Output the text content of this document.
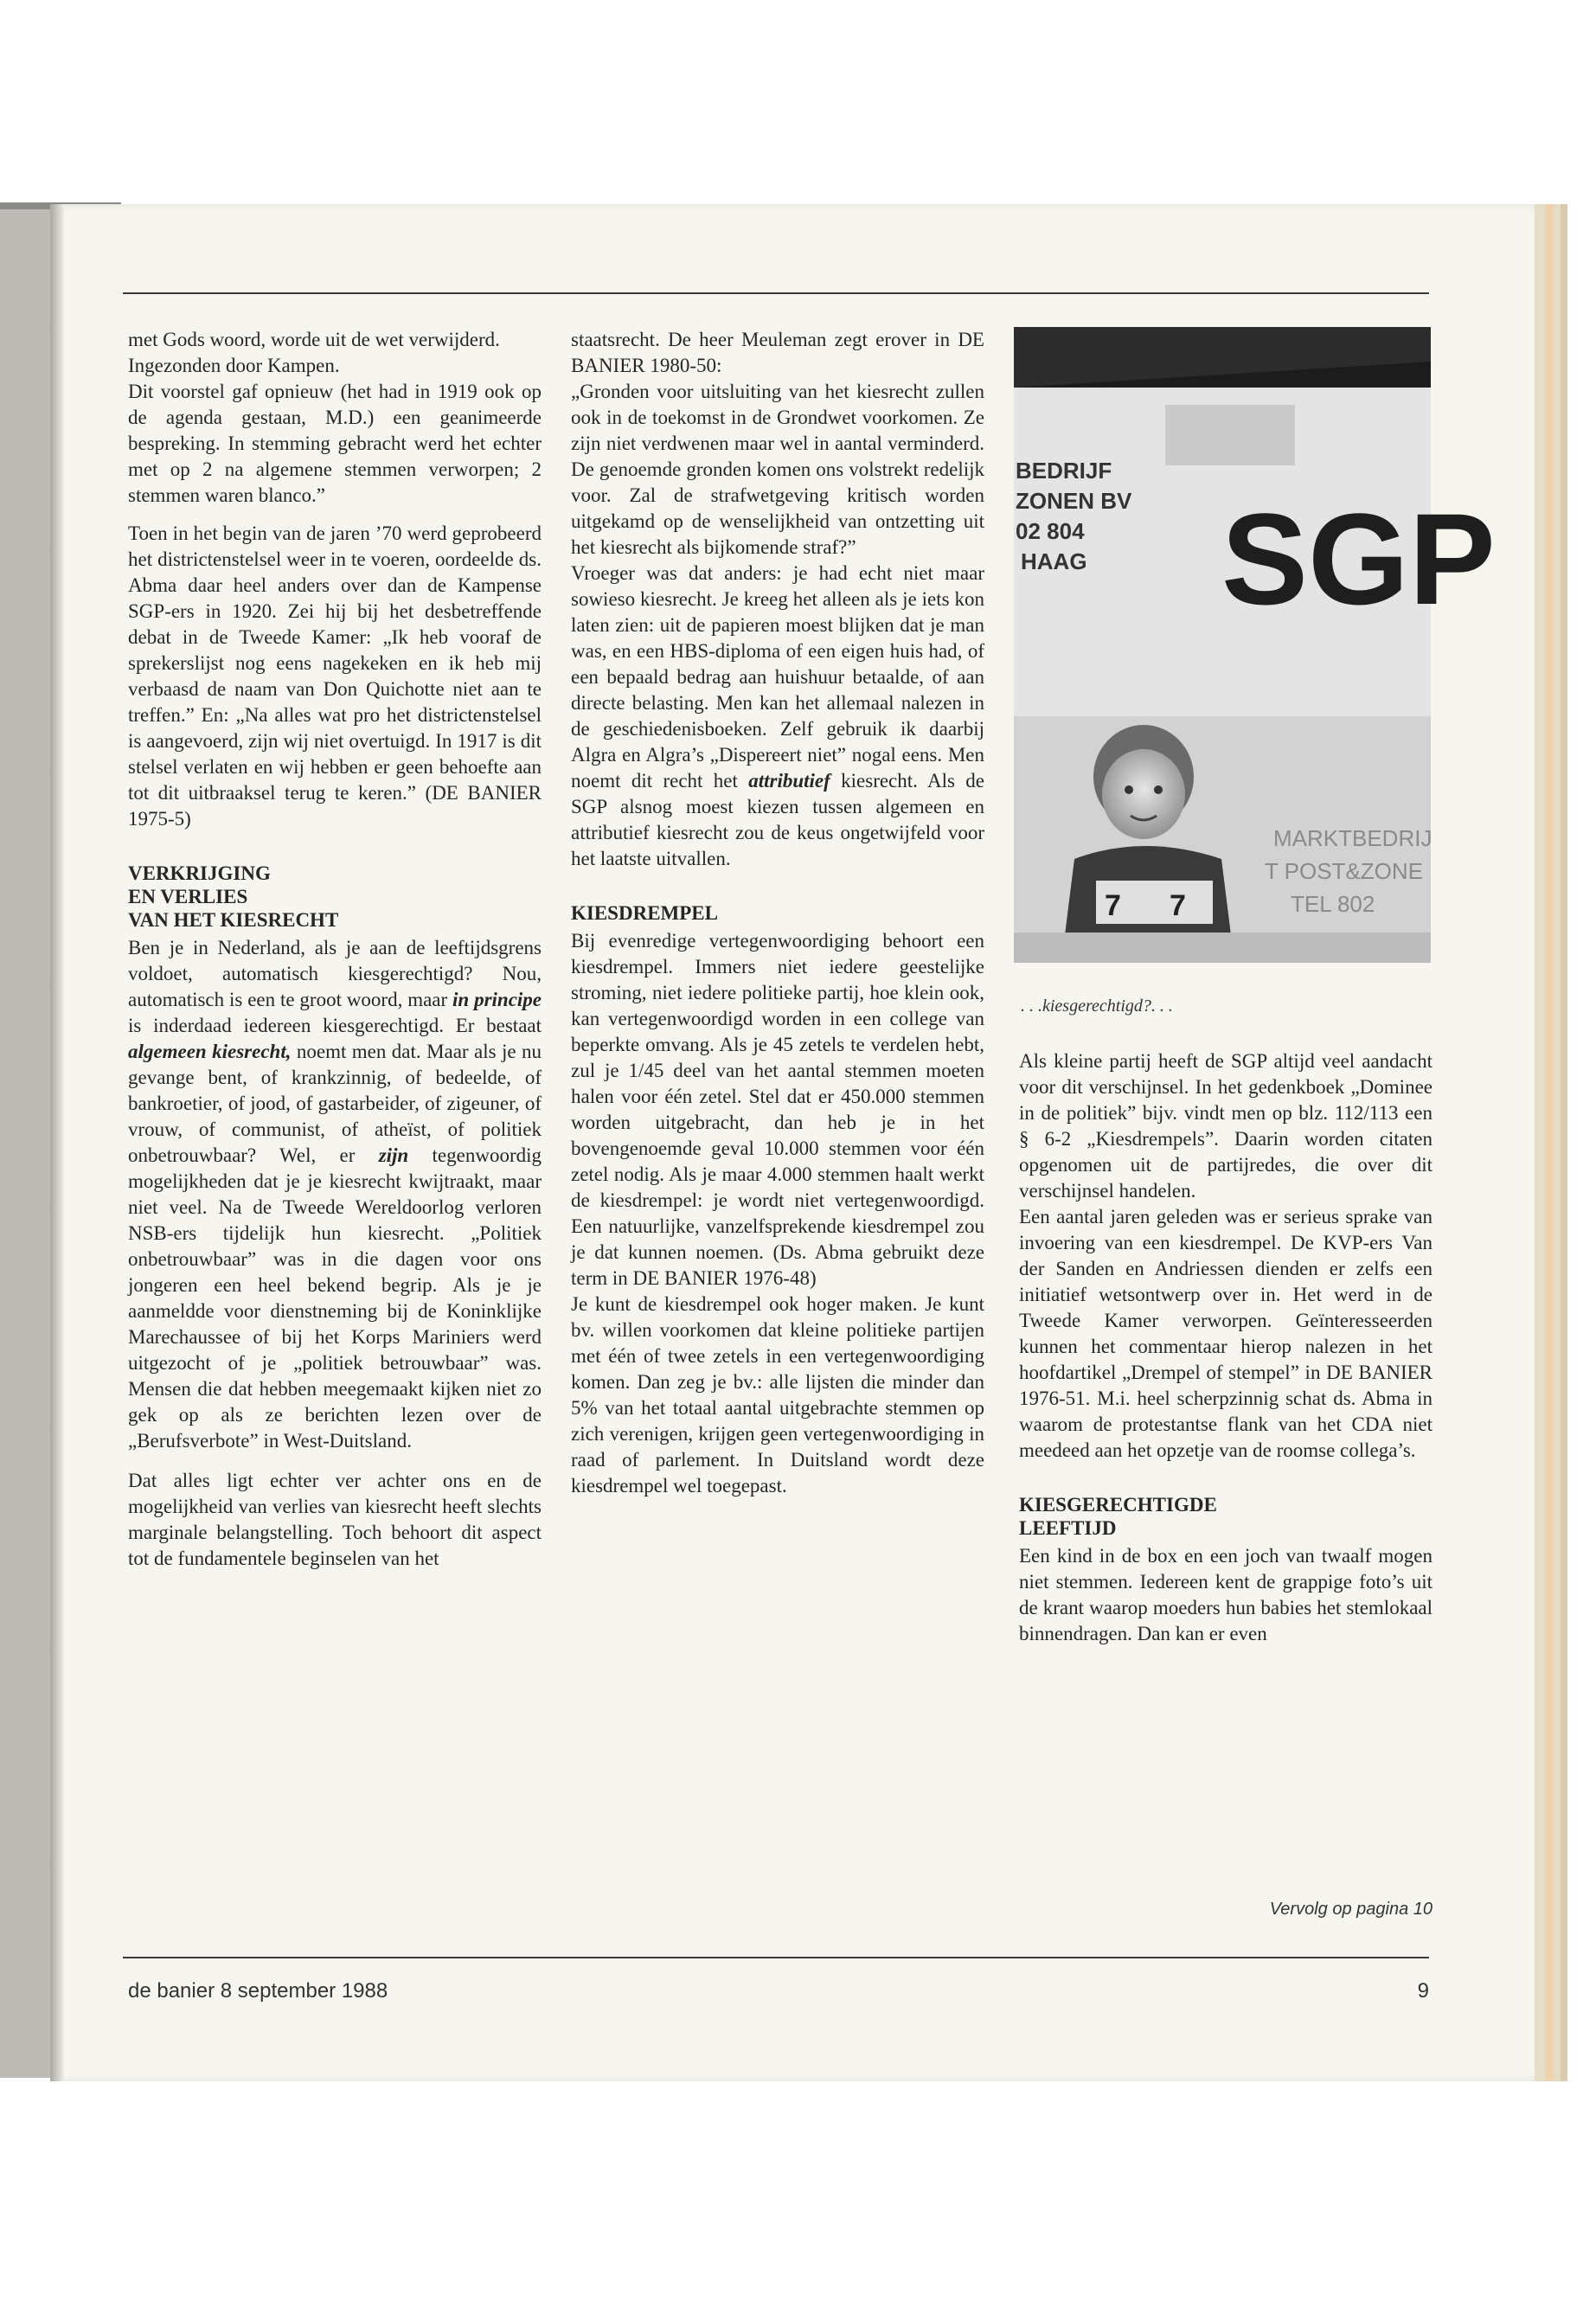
met Gods woord, worde uit de wet verwijderd.

Ingezonden door Kampen.

Dit voorstel gaf opnieuw (het had in 1919 ook op de agenda gestaan, M.D.) een geanimeerde bespreking. In stemming gebracht werd het echter met op 2 na algemene stemmen verworpen; 2 stemmen waren blanco.”

Toen in het begin van de jaren ’70 werd geprobeerd het districtenstelsel weer in te voeren, oordeelde ds. Abma daar heel anders over dan de Kampense SGP-ers in 1920. Zei hij bij het desbetreffende debat in de Tweede Kamer: „Ik heb vooraf de sprekerslijst nog eens nagekeken en ik heb mij verbaasd de naam van Don Quichotte niet aan te treffen.” En: „Na alles wat pro het districtenstelsel is aangevoerd, zijn wij niet overtuigd. In 1917 is dit stelsel verlaten en wij hebben er geen behoefte aan tot dit uitbraaksel terug te keren.” (DE BANIER 1975-5)

VERKRIJGING

EN VERLIES

VAN HET KIESRECHT

Ben je in Nederland, als je aan de leeftijdsgrens voldoet, automatisch kiesgerechtigd? Nou, automatisch is een te groot woord, maar in principe is inderdaad iedereen kiesgerechtigd. Er bestaat algemeen kiesrecht, noemt men dat. Maar als je nu gevange bent, of krankzinnig, of bedeelde, of bankroetier, of jood, of gastarbeider, of zigeuner, of vrouw, of communist, of atheïst, of politiek onbetrouwbaar? Wel, er zijn tegenwoordig mogelijkheden dat je je kiesrecht kwijtraakt, maar niet veel. Na de Tweede Wereldoorlog verloren NSB-ers tijdelijk hun kiesrecht. „Politiek onbetrouwbaar” was in die dagen voor ons jongeren een heel bekend begrip. Als je je aanmeldde voor dienstneming bij de Koninklijke Marechaussee of bij het Korps Mariniers werd uitgezocht of je „politiek betrouwbaar” was. Mensen die dat hebben meegemaakt kijken niet zo gek op als ze berichten lezen over de „Berufsverbote” in West-Duitsland.

Dat alles ligt echter ver achter ons en de mogelijkheid van verlies van kiesrecht heeft slechts marginale belangstelling. Toch behoort dit aspect tot de fundamentele beginselen van het

staatsrecht. De heer Meuleman zegt erover in DE BANIER 1980-50:

„Gronden voor uitsluiting van het kiesrecht zullen ook in de toekomst in de Grondwet voorkomen. Ze zijn niet verdwenen maar wel in aantal verminderd. De genoemde gronden komen ons volstrekt redelijk voor. Zal de strafwetgeving kritisch worden uitgekamd op de wenselijkheid van ontzetting uit het kiesrecht als bijkomende straf?”

Vroeger was dat anders: je had echt niet maar sowieso kiesrecht. Je kreeg het alleen als je iets kon laten zien: uit de papieren moest blijken dat je man was, en een HBS-diploma of een eigen huis had, of een bepaald bedrag aan huishuur betaalde, of aan directe belasting. Men kan het allemaal nalezen in de geschiedenisboeken. Zelf gebruik ik daarbij Algra en Algra’s „Dispereert niet” nogal eens. Men noemt dit recht het attributief kiesrecht. Als de SGP alsnog moest kiezen tussen algemeen en attributief kiesrecht zou de keus ongetwijfeld voor het laatste uitvallen.

KIESDREMPEL

Bij evenredige vertegenwoordiging behoort een kiesdrempel. Immers niet iedere geestelijke stroming, niet iedere politieke partij, hoe klein ook, kan vertegenwoordigd worden in een college van beperkte omvang. Als je 45 zetels te verdelen hebt, zul je 1/45 deel van het aantal stemmen moeten halen voor één zetel. Stel dat er 450.000 stemmen worden uitgebracht, dan heb je in het bovengenoemde geval 10.000 stemmen voor één zetel nodig. Als je maar 4.000 stemmen haalt werkt de kiesdrempel: je wordt niet vertegenwoordigd. Een natuurlijke, vanzelfsprekende kiesdrempel zou je dat kunnen noemen. (Ds. Abma gebruikt deze term in DE BANIER 1976-48)

Je kunt de kiesdrempel ook hoger maken. Je kunt bv. willen voorkomen dat kleine politieke partijen met één of twee zetels in een vertegenwoordiging komen. Dan zeg je bv.: alle lijsten die minder dan 5% van het totaal aantal uitgebrachte stemmen op zich verenigen, krijgen geen vertegenwoordiging in raad of parlement. In Duitsland wordt deze kiesdrempel wel toegepast.

SGP
BEDRIJF
ZONEN BV
02 804
HAAG
MARKTBEDRIJ
T POST&ZONE
TEL 802
7 7
. . .kiesgerechtigd?. . .

Als kleine partij heeft de SGP altijd veel aandacht voor dit verschijnsel. In het gedenkboek „Dominee in de politiek” bijv. vindt men op blz. 112/113 een § 6-2 „Kiesdrempels”. Daarin worden citaten opgenomen uit de partijredes, die over dit verschijnsel handelen.

Een aantal jaren geleden was er serieus sprake van invoering van een kiesdrempel. De KVP-ers Van der Sanden en Andriessen dienden er zelfs een initiatief wetsontwerp over in. Het werd in de Tweede Kamer verworpen. Geïnteresseerden kunnen het commentaar hierop nalezen in het hoofdartikel „Drempel of stempel” in DE BANIER 1976-51. M.i. heel scherpzinnig schat ds. Abma in waarom de protestantse flank van het CDA niet meedeed aan het opzetje van de roomse collega’s.

KIESGERECHTIGDE

LEEFTIJD

Een kind in de box en een joch van twaalf mogen niet stemmen. Iedereen kent de grappige foto’s uit de krant waarop moeders hun babies het stemlokaal binnendragen. Dan kan er even

Vervolg op pagina 10
de banier 8 september 1988	9
